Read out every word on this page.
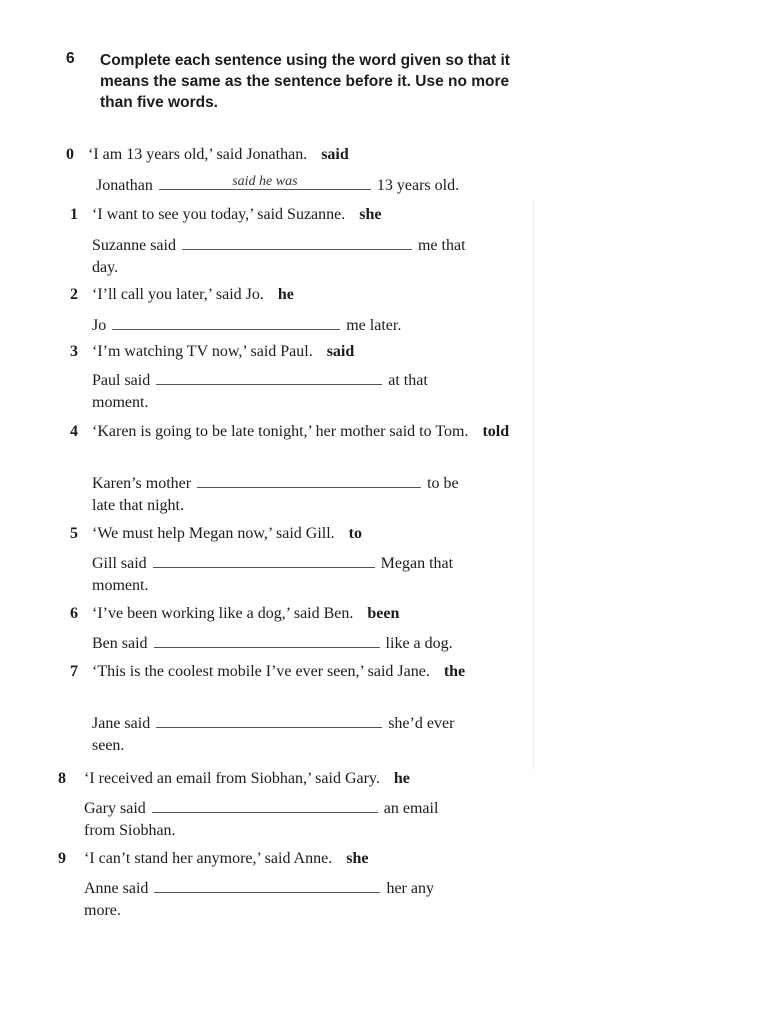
6 Complete each sentence using the word given so that it means the same as the sentence before it. Use no more than five words.

0 ‘I am 13 years old,’ said Jonathan. said
Jonathan	said he was	13 years old.
1 ‘I want to see you today,’ said Suzanne. she
Suzanne said	me that
day.
2 ‘I’ll call you later,’ said Jo. he
Jo	me later.
3 ‘I’m watching TV now,’ said Paul. said
Paul said	at that
moment.
4 ‘Karen is going to be late tonight,’ her mother said to Tom. told
Karen’s mother	to be
late that night.
5 ‘We must help Megan now,’ said Gill. to
Gill said	Megan that
moment.
6 ‘I’ve been working like a dog,’ said Ben. been
Ben said	like a dog.
7 ‘This is the coolest mobile I’ve ever seen,’ said Jane. the
Jane said	she’d ever
seen.
8 ‘I received an email from Siobhan,’ said Gary. he
Gary said	an email
from Siobhan.
9 ‘I can’t stand her anymore,’ said Anne. she
Anne said	her any
more.
